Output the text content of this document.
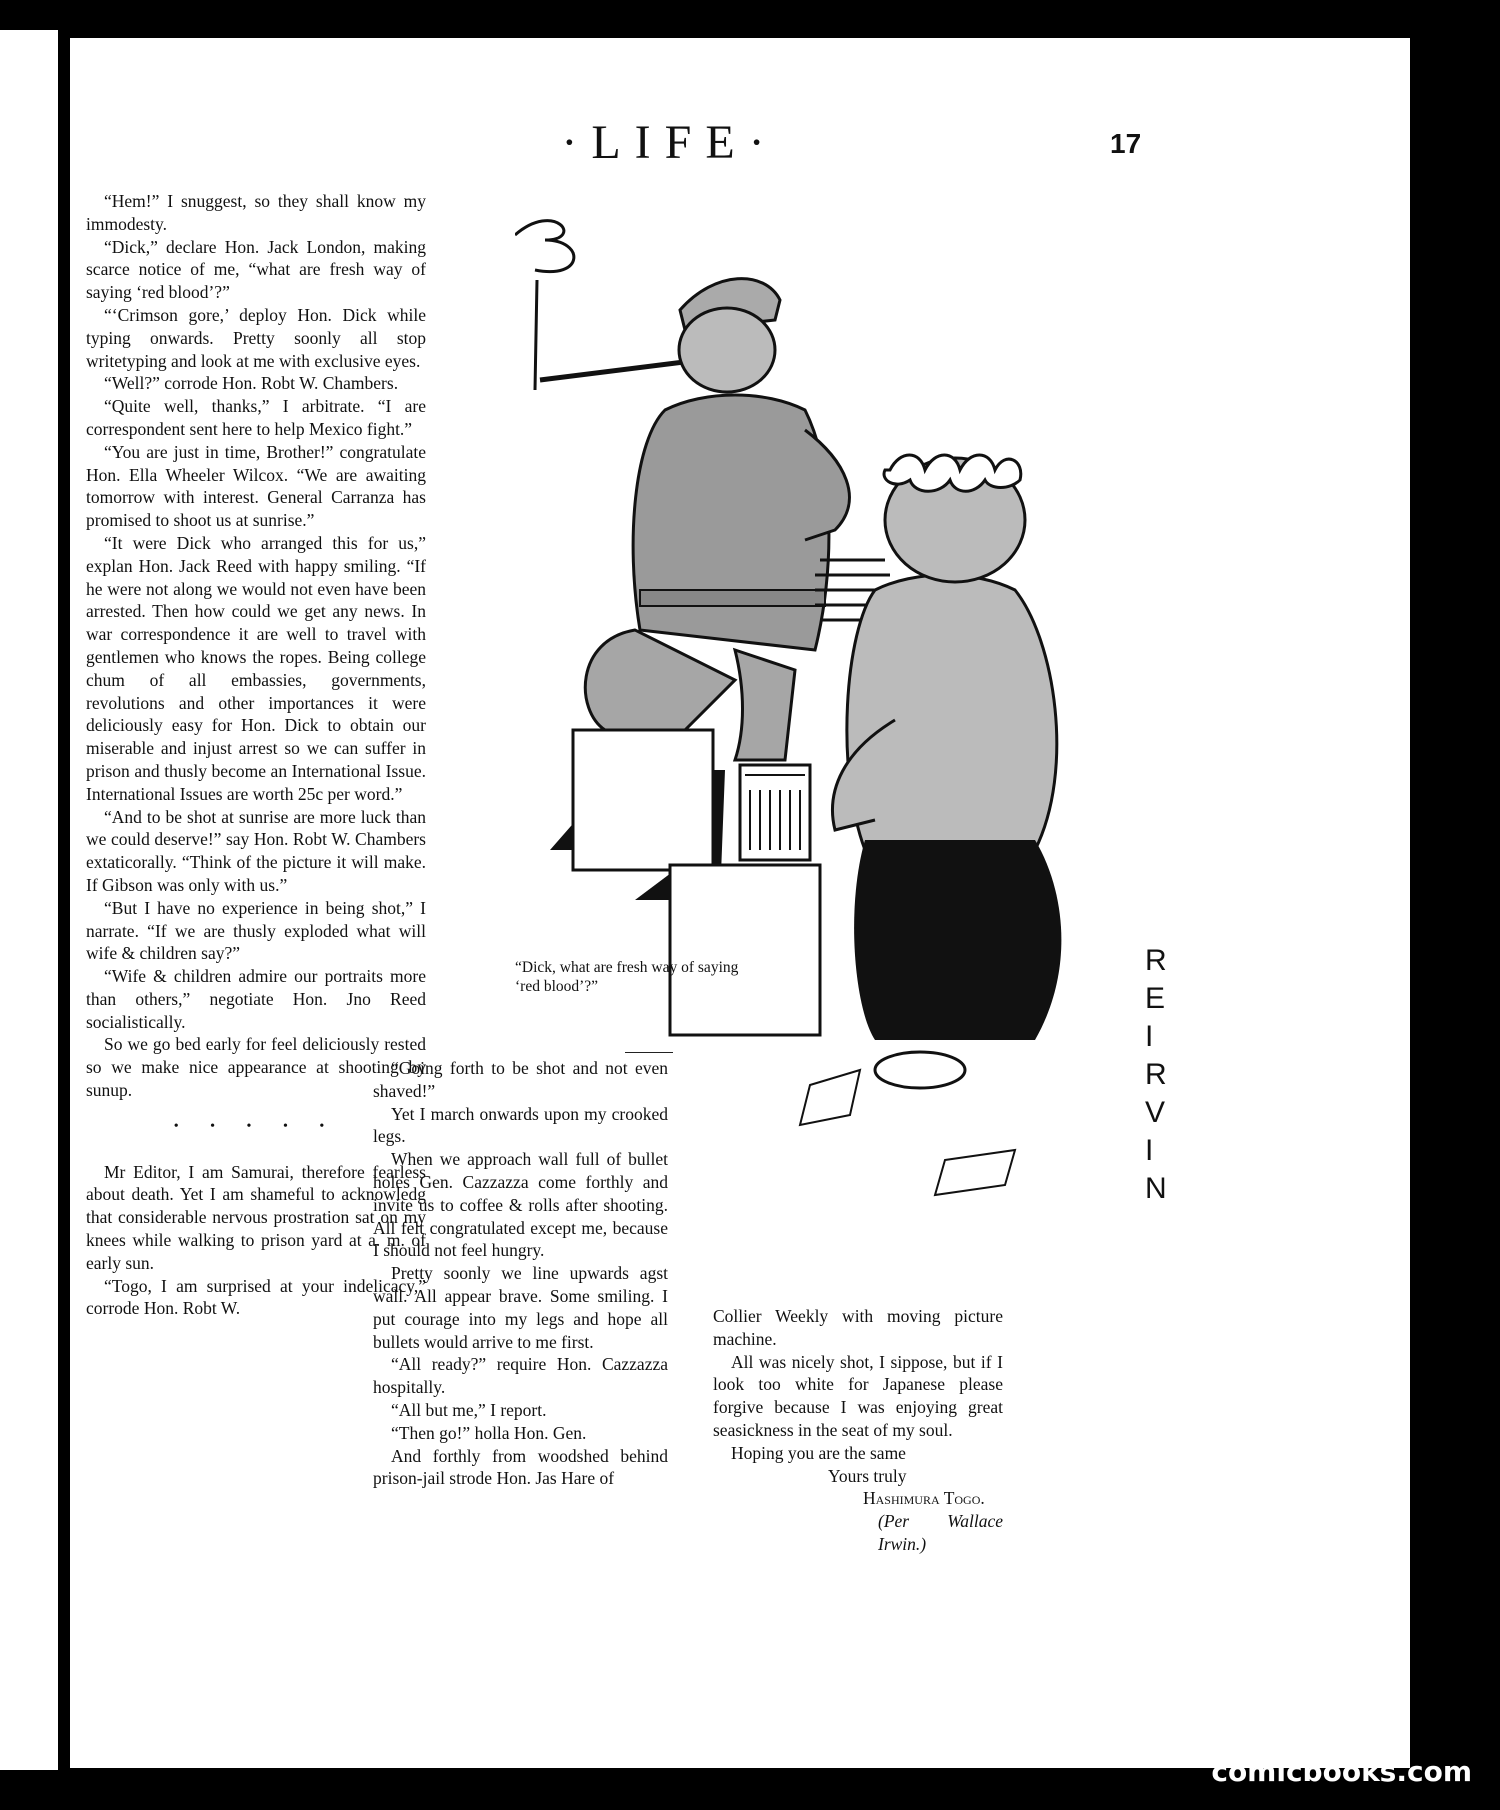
·LIFE·	17

“Hem!” I snuggest, so they shall know my immodesty.

“Dick,” declare Hon. Jack London, making scarce notice of me, “what are fresh way of saying ‘red blood’?”

“‘Crimson gore,’ deploy Hon. Dick while typing onwards. Pretty soonly all stop writetyping and look at me with exclusive eyes.

“Well?” corrode Hon. Robt W. Chambers.

“Quite well, thanks,” I arbitrate. “I are correspondent sent here to help Mexico fight.”

“You are just in time, Brother!” congratulate Hon. Ella Wheeler Wilcox. “We are awaiting tomorrow with interest. General Carranza has promised to shoot us at sunrise.”

“It were Dick who arranged this for us,” explan Hon. Jack Reed with happy smiling. “If he were not along we would not even have been arrested. Then how could we get any news. In war correspondence it are well to travel with gentlemen who knows the ropes. Being college chum of all embassies, governments, revolutions and other importances it were deliciously easy for Hon. Dick to obtain our miserable and injust arrest so we can suffer in prison and thusly become an International Issue. International Issues are worth 25c per word.”

“And to be shot at sunrise are more luck than we could deserve!” say Hon. Robt W. Chambers extaticorally. “Think of the picture it will make. If Gibson was only with us.”

“But I have no experience in being shot,” I narrate. “If we are thusly exploded what will wife & children say?”

“Wife & children admire our portraits more than others,” negotiate Hon. Jno Reed socialistically.

So we go bed early for feel deliciously rested so we make nice appearance at shooting by sunup.

• • • • •

Mr Editor, I am Samurai, therefore fearless about death. Yet I am shameful to acknowledg that considerable nervous prostration sat on my knees while walking to prison yard at a. m. of early sun.

“Togo, I am surprised at your indelicacy,” corrode Hon. Robt W.

R
E
I
R
V
I
N
“Dick, what are fresh way of saying ‘red blood’?”

“Going forth to be shot and not even shaved!”

Yet I march onwards upon my crooked legs.

When we approach wall full of bullet holes Gen. Cazzazza come forthly and invite us to coffee & rolls after shooting. All felt congratulated except me, because I should not feel hungry.

Pretty soonly we line upwards agst wall. All appear brave. Some smiling. I put courage into my legs and hope all bullets would arrive to me first.

“All ready?” require Hon. Cazzazza hospitally.

“All but me,” I report.

“Then go!” holla Hon. Gen.

And forthly from woodshed behind prison-jail strode Hon. Jas Hare of

Collier Weekly with moving picture machine.

All was nicely shot, I sippose, but if I look too white for Japanese please forgive because I was enjoying great seasickness in the seat of my soul.

Hoping you are the same

Yours truly

Hashimura Togo.

(Per Wallace Irwin.)

comicbooks.com
